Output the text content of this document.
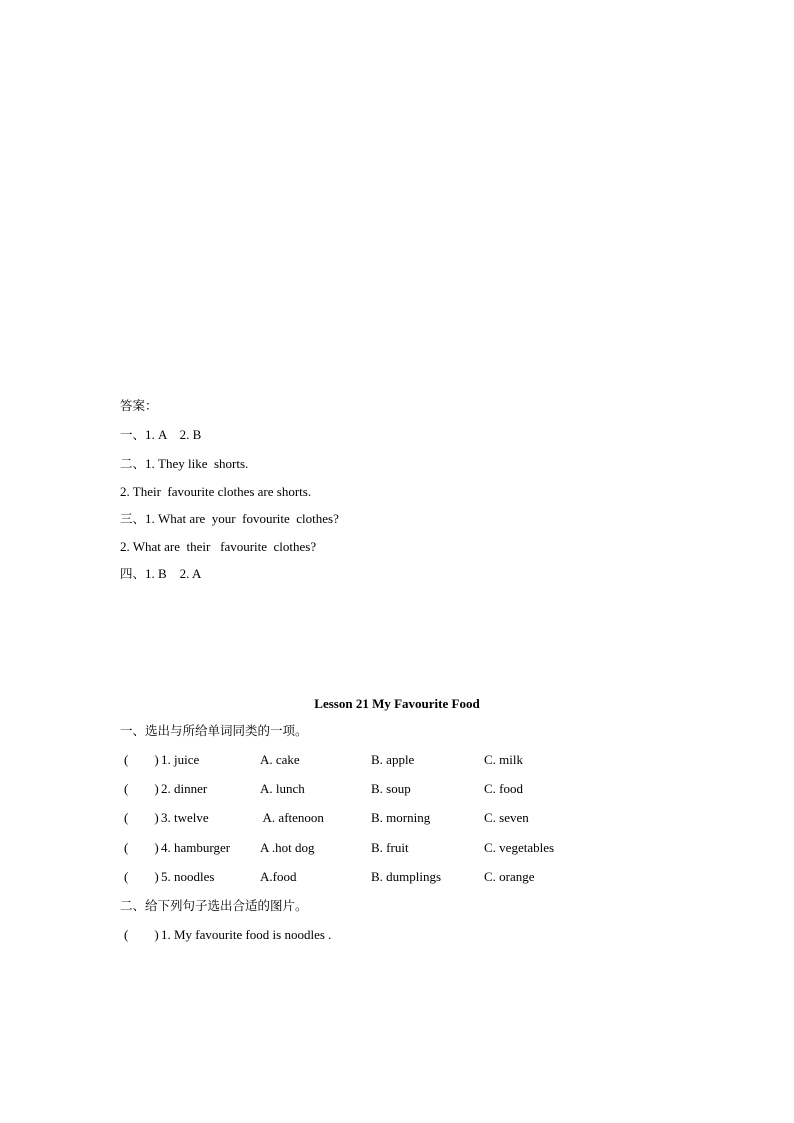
答案：
一、1. A    2. B
二、1. They like  shorts.
2. Their  favourite clothes are shorts.
三、1. What are  your  fovourite  clothes?
2. What are  their   favourite  clothes?
四、1. B    2. A
Lesson 21 My Favourite Food
一、选出与所给单词同类的一项。
(        ) 1. juice	A. cake	B. apple	C. milk
(        ) 2. dinner	A. lunch	B. soup	C. food
(        ) 3. twelve	A. aftenoon	B. morning	C. seven
(        ) 4. hamburger A .hot dog	B. fruit	C. vegetables
(        ) 5. noodles	A.food	B. dumplings	C. orange
二、给下列句子选出合适的图片。
(        ) 1. My favourite food is noodles .
